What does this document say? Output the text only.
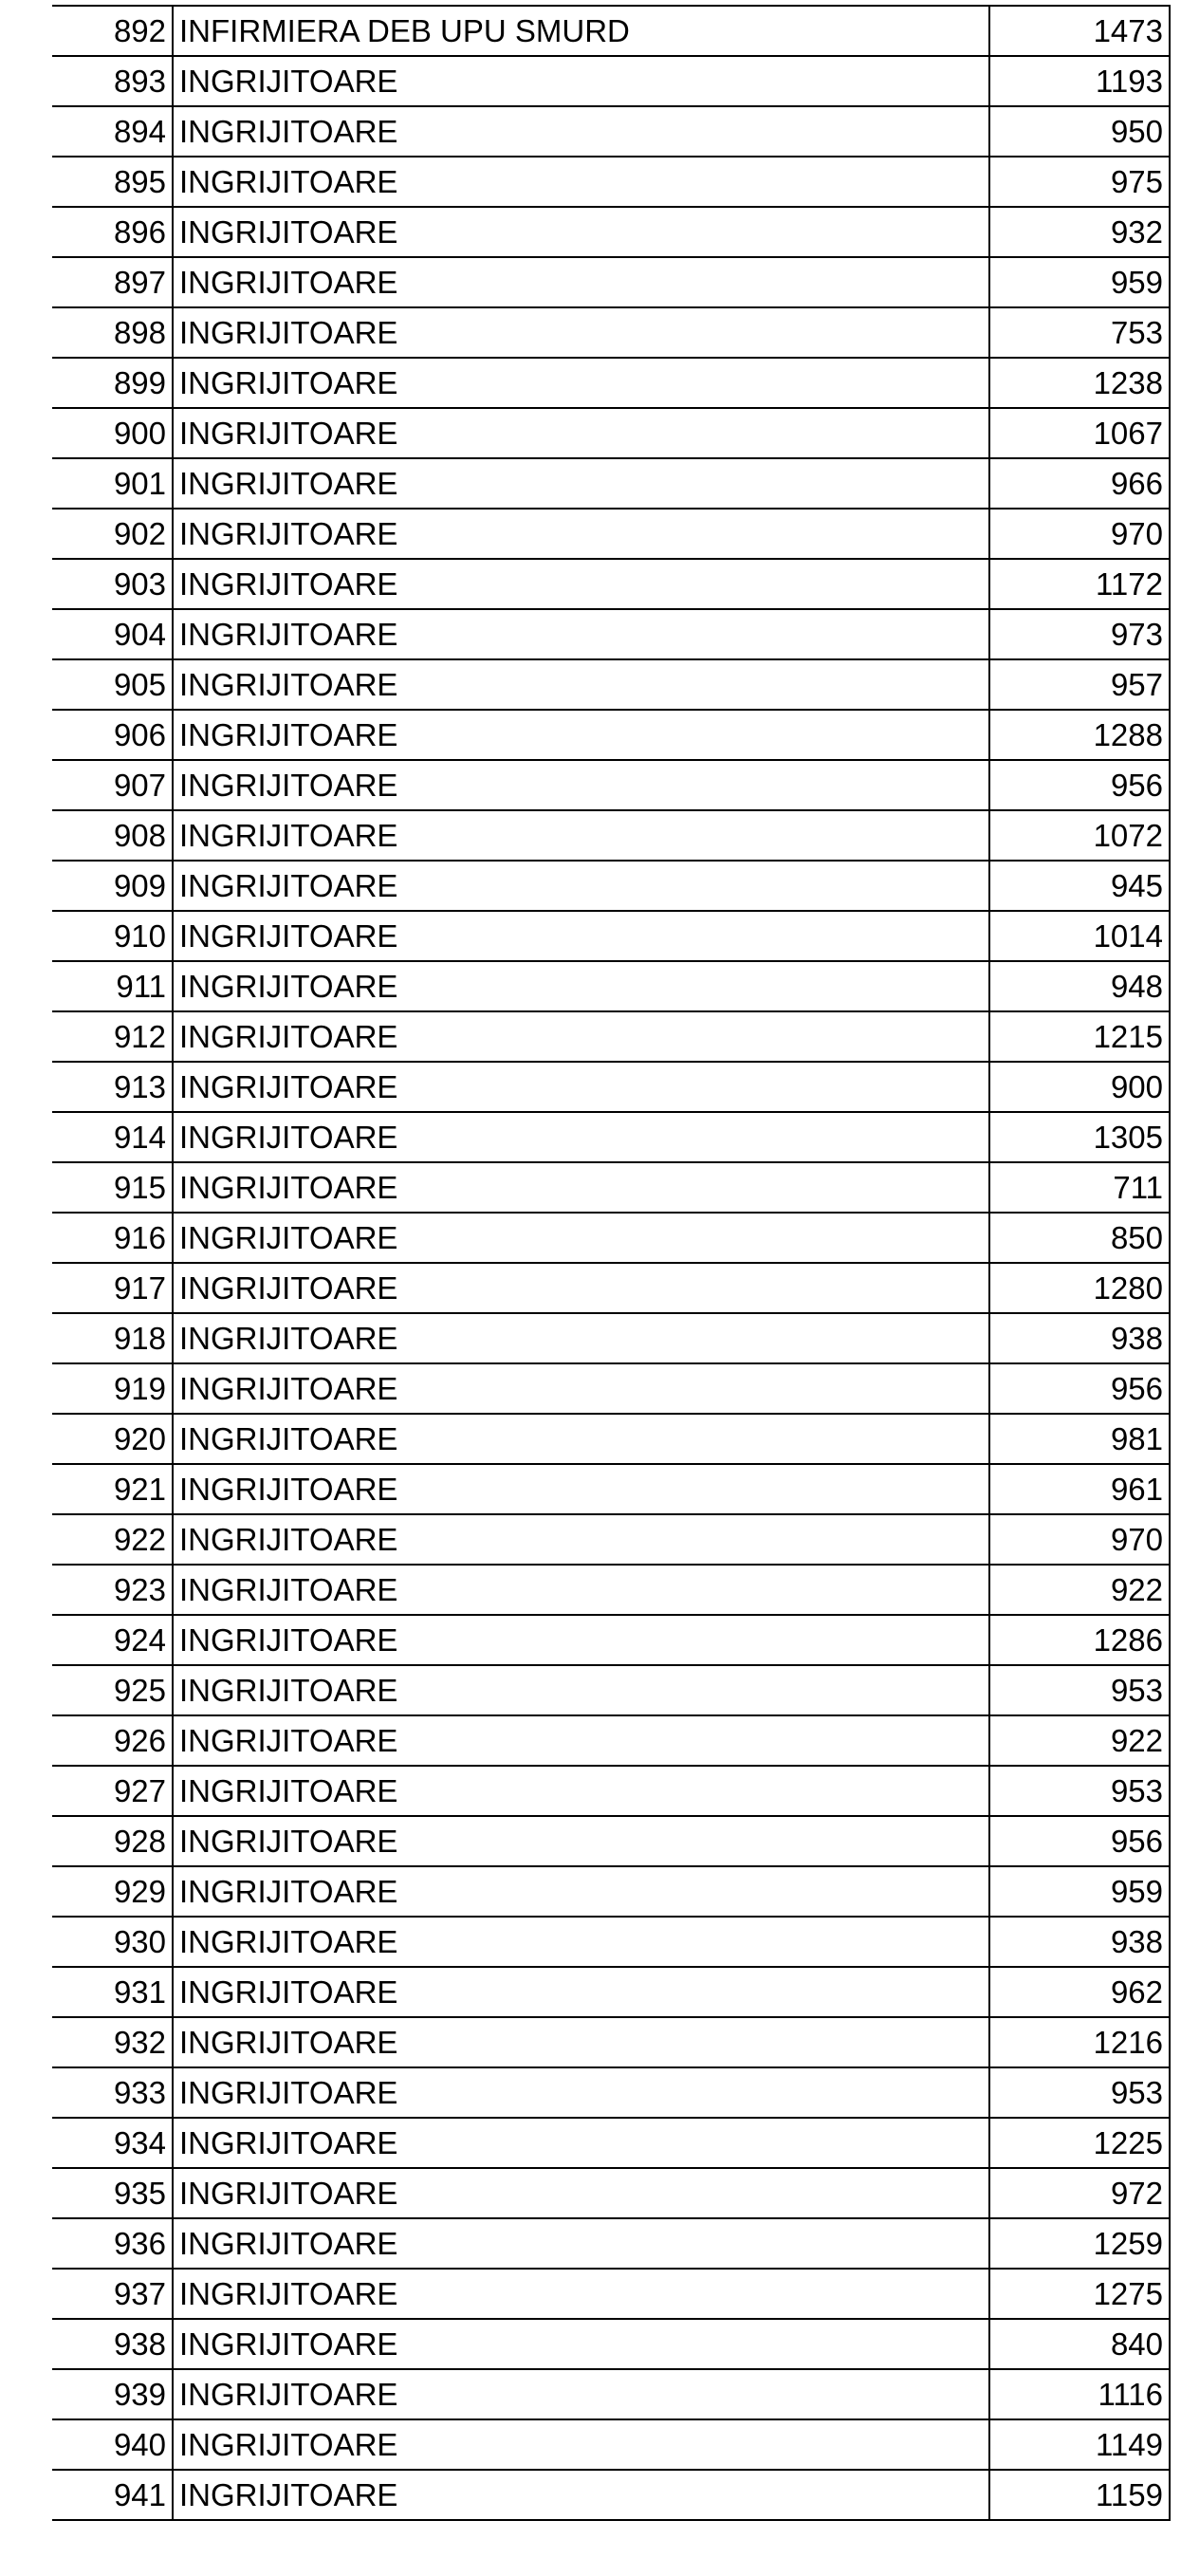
892	INFIRMIERA DEB UPU SMURD	1473
893	INGRIJITOARE	1193
894	INGRIJITOARE	950
895	INGRIJITOARE	975
896	INGRIJITOARE	932
897	INGRIJITOARE	959
898	INGRIJITOARE	753
899	INGRIJITOARE	1238
900	INGRIJITOARE	1067
901	INGRIJITOARE	966
902	INGRIJITOARE	970
903	INGRIJITOARE	1172
904	INGRIJITOARE	973
905	INGRIJITOARE	957
906	INGRIJITOARE	1288
907	INGRIJITOARE	956
908	INGRIJITOARE	1072
909	INGRIJITOARE	945
910	INGRIJITOARE	1014
911	INGRIJITOARE	948
912	INGRIJITOARE	1215
913	INGRIJITOARE	900
914	INGRIJITOARE	1305
915	INGRIJITOARE	711
916	INGRIJITOARE	850
917	INGRIJITOARE	1280
918	INGRIJITOARE	938
919	INGRIJITOARE	956
920	INGRIJITOARE	981
921	INGRIJITOARE	961
922	INGRIJITOARE	970
923	INGRIJITOARE	922
924	INGRIJITOARE	1286
925	INGRIJITOARE	953
926	INGRIJITOARE	922
927	INGRIJITOARE	953
928	INGRIJITOARE	956
929	INGRIJITOARE	959
930	INGRIJITOARE	938
931	INGRIJITOARE	962
932	INGRIJITOARE	1216
933	INGRIJITOARE	953
934	INGRIJITOARE	1225
935	INGRIJITOARE	972
936	INGRIJITOARE	1259
937	INGRIJITOARE	1275
938	INGRIJITOARE	840
939	INGRIJITOARE	1116
940	INGRIJITOARE	1149
941	INGRIJITOARE	1159
